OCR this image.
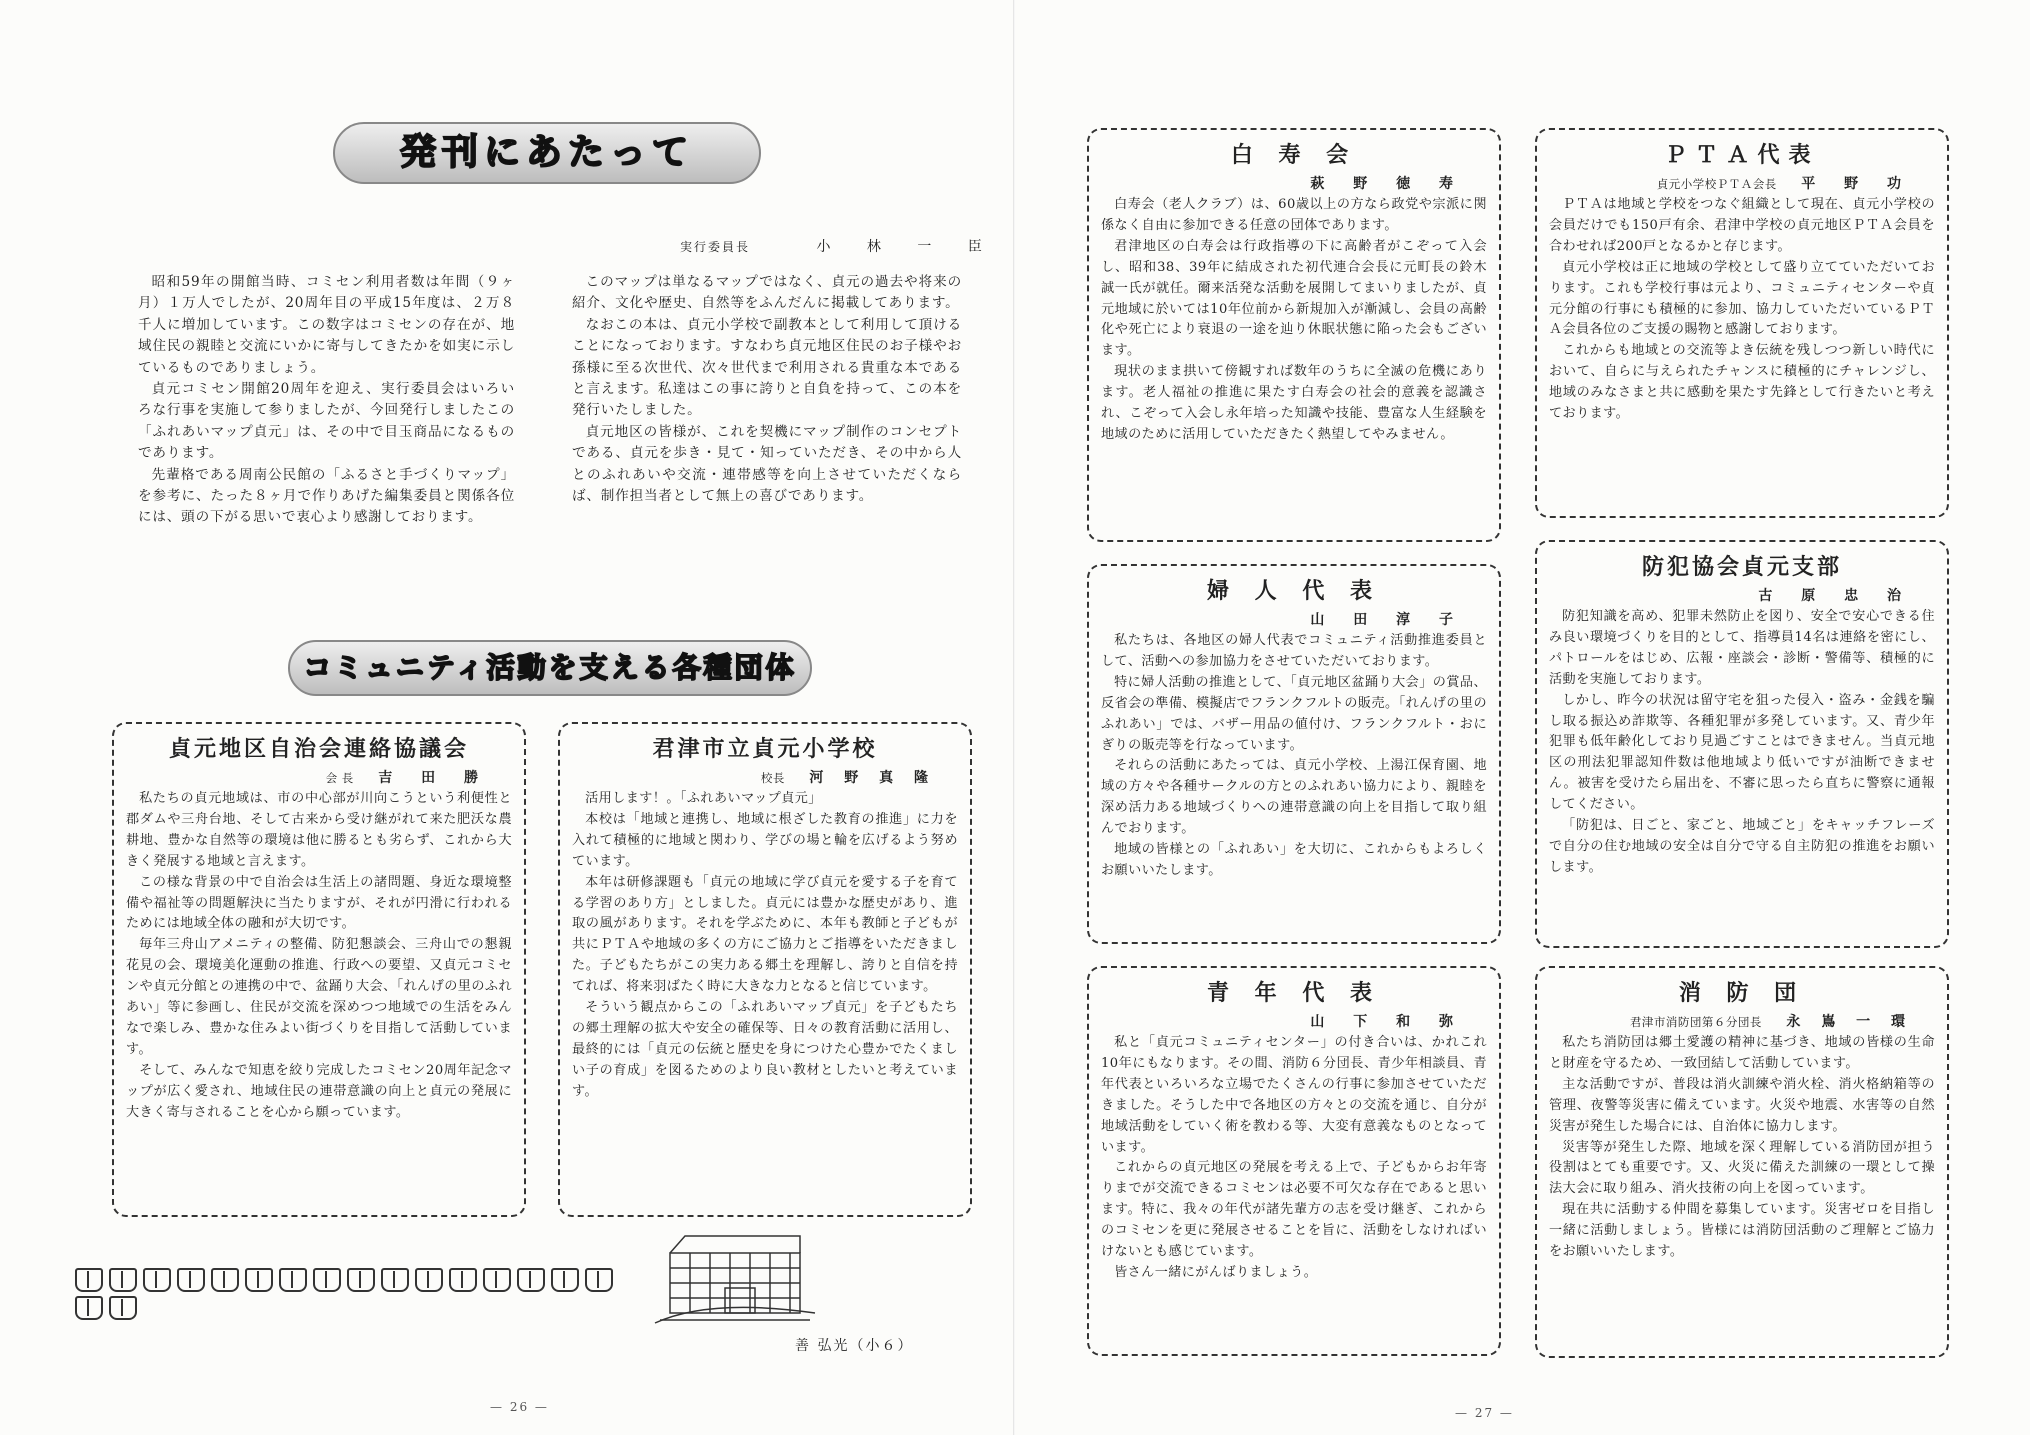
発刊にあたって
実行委員長	小 林 一 臣

昭和59年の開館当時、コミセン利用者数は年間（９ヶ月）１万人でしたが、20周年目の平成15年度は、２万８千人に増加しています。この数字はコミセンの存在が、地域住民の親睦と交流にいかに寄与してきたかを如実に示しているものでありましょう。

貞元コミセン開館20周年を迎え、実行委員会はいろいろな行事を実施して参りましたが、今回発行しましたこの「ふれあいマップ貞元」は、その中で目玉商品になるものであります。

先輩格である周南公民館の「ふるさと手づくりマップ」を参考に、たった８ヶ月で作りあげた編集委員と関係各位には、頭の下がる思いで衷心より感謝しております。

このマップは単なるマップではなく、貞元の過去や将来の紹介、文化や歴史、自然等をふんだんに掲載してあります。

なおこの本は、貞元小学校で副教本として利用して頂けることになっております。すなわち貞元地区住民のお子様やお孫様に至る次世代、次々世代まで利用される貴重な本であると言えます。私達はこの事に誇りと自負を持って、この本を発行いたしました。

貞元地区の皆様が、これを契機にマップ制作のコンセプトである、貞元を歩き・見て・知っていただき、その中から人とのふれあいや交流・連帯感等を向上させていただくならば、制作担当者として無上の喜びであります。

コミュニティ活動を支える各種団体
貞元地区自治会連絡協議会
会 長 吉 田 勝

私たちの貞元地域は、市の中心部が川向こうという利便性と郡ダムや三舟台地、そして古来から受け継がれて来た肥沃な農耕地、豊かな自然等の環境は他に勝るとも劣らず、これから大きく発展する地域と言えます。

この様な背景の中で自治会は生活上の諸問題、身近な環境整備や福祉等の問題解決に当たりますが、それが円滑に行われるためには地域全体の融和が大切です。

毎年三舟山アメニティの整備、防犯懇談会、三舟山での懇親花見の会、環境美化運動の推進、行政への要望、又貞元コミセンや貞元分館との連携の中で、盆踊り大会、「れんげの里のふれあい」等に参画し、住民が交流を深めつつ地域での生活をみんなで楽しみ、豊かな住みよい街づくりを目指して活動しています。

そして、みんなで知恵を絞り完成したコミセン20周年記念マップが広く愛され、地域住民の連帯意識の向上と貞元の発展に大きく寄与されることを心から願っています。

君津市立貞元小学校
校長 河 野 真 隆

活用します！。「ふれあいマップ貞元」

本校は「地域と連携し、地域に根ざした教育の推進」に力を入れて積極的に地域と関わり、学びの場と輪を広げるよう努めています。

本年は研修課題も「貞元の地域に学び貞元を愛する子を育てる学習のあり方」としました。貞元には豊かな歴史があり、進取の風があります。それを学ぶために、本年も教師と子どもが共にＰＴＡや地域の多くの方にご協力とご指導をいただきました。子どもたちがこの実力ある郷土を理解し、誇りと自信を持てれば、将来羽ばたく時に大きな力となると信じています。

そういう観点からこの「ふれあいマップ貞元」を子どもたちの郷土理解の拡大や安全の確保等、日々の教育活動に活用し、最終的には「貞元の伝統と歴史を身につけた心豊かでたくましい子の育成」を図るためのより良い教材としたいと考えています。

善 弘光（小６）
— 26 —
白 寿 会
萩 野 徳 寿

白寿会（老人クラブ）は、60歳以上の方なら政党や宗派に関係なく自由に参加できる任意の団体であります。

君津地区の白寿会は行政指導の下に高齢者がこぞって入会し、昭和38、39年に結成された初代連合会長に元町長の鈴木誠一氏が就任。爾来活発な活動を展開してまいりましたが、貞元地域に於いては10年位前から新規加入が漸減し、会員の高齢化や死亡により衰退の一途を辿り休眠状態に陥った会もございます。

現状のまま拱いて傍観すれば数年のうちに全滅の危機にあります。老人福祉の推進に果たす白寿会の社会的意義を認識され、こぞって入会し永年培った知識や技能、豊富な人生経験を地域のために活用していただきたく熱望してやみません。

ＰＴＡ代表
貞元小学校ＰＴＡ会長 平 野 功

ＰＴＡは地域と学校をつなぐ組織として現在、貞元小学校の会員だけでも150戸有余、君津中学校の貞元地区ＰＴＡ会員を合わせれば200戸となるかと存じます。

貞元小学校は正に地域の学校として盛り立てていただいております。これも学校行事は元より、コミュニティセンターや貞元分館の行事にも積極的に参加、協力していただいているＰＴＡ会員各位のご支援の賜物と感謝しております。

これからも地域との交流等よき伝統を残しつつ新しい時代において、自らに与えられたチャンスに積極的にチャレンジし、地域のみなさまと共に感動を果たす先鋒として行きたいと考えております。

婦 人 代 表
山 田 淳 子

私たちは、各地区の婦人代表でコミュニティ活動推進委員として、活動への参加協力をさせていただいております。

特に婦人活動の推進として、「貞元地区盆踊り大会」の賞品、反省会の準備、模擬店でフランクフルトの販売。「れんげの里のふれあい」では、バザー用品の値付け、フランクフルト・おにぎりの販売等を行なっています。

それらの活動にあたっては、貞元小学校、上湯江保育園、地域の方々や各種サークルの方とのふれあい協力により、親睦を深め活力ある地域づくりへの連帯意識の向上を目指して取り組んでおります。

地域の皆様との「ふれあい」を大切に、これからもよろしくお願いいたします。

防犯協会貞元支部
古 原 忠 治

防犯知識を高め、犯罪未然防止を図り、安全で安心できる住み良い環境づくりを目的として、指導員14名は連絡を密にし、パトロールをはじめ、広報・座談会・診断・警備等、積極的に活動を実施しております。

しかし、昨今の状況は留守宅を狙った侵入・盗み・金銭を騙し取る振込め詐欺等、各種犯罪が多発しています。又、青少年犯罪も低年齢化しており見過ごすことはできません。当貞元地区の刑法犯罪認知件数は他地域より低いですが油断できません。被害を受けたら届出を、不審に思ったら直ちに警察に通報してください。

「防犯は、日ごと、家ごと、地域ごと」をキャッチフレーズで自分の住む地域の安全は自分で守る自主防犯の推進をお願いします。

青 年 代 表
山 下 和 弥

私と「貞元コミュニティセンター」の付き合いは、かれこれ10年にもなります。その間、消防６分団長、青少年相談員、青年代表といろいろな立場でたくさんの行事に参加させていただきました。そうした中で各地区の方々との交流を通じ、自分が地域活動をしていく術を教わる等、大変有意義なものとなっています。

これからの貞元地区の発展を考える上で、子どもからお年寄りまでが交流できるコミセンは必要不可欠な存在であると思います。特に、我々の年代が諸先輩方の志を受け継ぎ、これからのコミセンを更に発展させることを旨に、活動をしなければいけないとも感じています。

皆さん一緒にがんばりましょう。

消 防 団
君津市消防団第６分団長 永 嶌 一 環

私たち消防団は郷土愛護の精神に基づき、地域の皆様の生命と財産を守るため、一致団結して活動しています。

主な活動ですが、普段は消火訓練や消火栓、消火格納箱等の管理、夜警等災害に備えています。火災や地震、水害等の自然災害が発生した場合には、自治体に協力します。

災害等が発生した際、地域を深く理解している消防団が担う役割はとても重要です。又、火災に備えた訓練の一環として操法大会に取り組み、消火技術の向上を図っています。

現在共に活動する仲間を募集しています。災害ゼロを目指し一緒に活動しましょう。皆様には消防団活動のご理解とご協力をお願いいたします。

— 27 —
